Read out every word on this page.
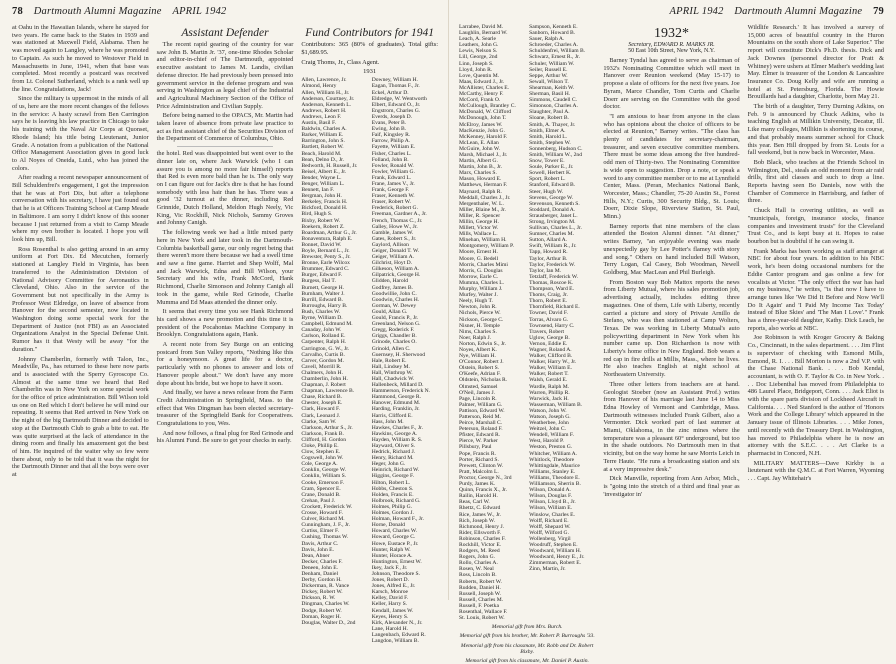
78 Dartmouth Alumni Magazine APRIL 1942

at Oahu in the Hawaiian Islands, where he stayed for two years. He came back to the States in 1939 and was stationed at Maxwell Field, Alabama. Then he was moved again to Langley, where he was promoted to Captain. As such he moved to Westover Field in Massachusetts in June, 1941, when that base was completed. Most recently a postcard was received from Lt. Colonel Sutherland, which is a rank well up the line. Congratulations, Jack!

Since the military is uppermost in the minds of all of us, here are the more recent changes of the fellows in the service: A hasty scrawl from Ben Carrington says he is leaving his law practice in Chicago to take his training with the Naval Air Corps at Quonset, Rhode Island; his title being Lieutenant, Junior Grade. A notation from a publication of the National Office Management Association gives in good luck to Al Noyes of Oneida, Lutd., who has joined the colors.

After reading a recent newspaper announcement of Bill Schuldenfrei's engagement, I got the impression that he was at Fort Dix, but after a telephone conversation with his secretary, I have just found out that he is at Officers Training School at Camp Meade in Baltimore. I am sorry I didn't know of this sooner because I just returned from a visit to Camp Meade where my own brother is located. I hope you will look him up, Bill.

Ross Rosenthal is also getting around in an army uniform at Fort Dix. Ed Mecutchen, formerly stationed at Langley Field in Virginia, has been transferred to the Administration Division of National Advisory Committee for Aeronautics in Cleveland, Ohio. Also in the service of the Government but not specifically in the Army is Professor West Eldredge, on leave of absence from Hanover for the second semester, now located in Washington doing some special work for the Department of Justice (not FBI) as an Associated Organizations Analyst in the Special Defense Unit. Rumor has it that Westy will be away "for the duration."

Johnny Chamberlin, formerly with Talon, Inc., Meadville, Pa., has returned to these here now parts and is associated with the Sperry Gyroscope Co. Almost at the same time we heard that Red Chamberlin was in New York on some special work for the office of price administration. Bill Wilson told us one on Red which I don't believe he will mind our repeating. It seems that Red arrived in New York on the night of the big Dartmouth Dinner and decided to stop at the Dartmouth Club to grab a bite to eat. He was quite surprised at the lack of attendance in the dining room and finally his amazement got the best of him. He inquired of the waiter why so few were there about, only to be told that it was the night for the Dartmouth Dinner and that all the boys were over at

Assistant Defender

The recent rapid gearing of the country for war saw John B. Martin Jr. '37, one-time Rhodes Scholar and editor-in-chief of The Dartmouth, appointed executive assistant to James M. Landis, civilian defense director. He had previously been pressed into government service in the defense program and was serving in Washington as legal chief of the Industrial and Agricultural Machinery Section of the Office of Price Administration and Civilian Supply.

Before being named to the OPACS, Mr. Martin had taken leave of absence from private law practice to act as first assistant chief of the Securities Division of the Department of Commerce of Columbus, Ohio.

the hotel. Red was disappointed but went over to the dinner late on, where Jack Warwick (who I can assure you is among no more fair himself) reports that Red is even more bald than he is. The only way on I can figure out for Jack's dire is that he has found somebody with less hair than he has. There was a good '32 turnout at the dinner, including Red Grinnide, Dutch Holland, Meldon Hugh Neely, Vic King, Vic Rockhill, Nick Nichols, Sammy Groves and Johnny Canigh.

The following week we had a little mixed party here in New York and later took in the Dartmouth-Columbia basketball game, our only regret being that there weren't more there because we had a swell time and saw a fine game. Harriet and Shep Wolff, Mal and Jack Warwick, Edna and Bill Wilson, your Secretary and his wife, Frank McCord, Hank Richmond, Charlie Simonson and Johnny Canigh all took in the game, while Red Grinode, Charlie Mumma and Ed Maas attended the dinner only.

It seems that every time you see Hank Richmond his card shows a new promotion and this time it is president of the Pocahontas Machine Company in Brooklyn. Congratulations again, Hank.

A recent note from Sey Burge on an enticing postcard from Sun Valley reports, "Nothing like this for a honeymoon. A great life for a doctor, particularly with no phones to answer and lots of Hanover people about." We don't have any more dope about his bride, but we hope to have it soon.

And finally, we have a news release from the Farm Credit Administration in Springfield, Mass. to the effect that Wes Dingman has been elected secretary-treasurer of the Springfield Bank for Cooperatives. Congratulations to you, Wes.

And now follows, a final plug for Red Grinode and his Alumni Fund. Be sure to get your checks in early.

Fund Contributors for 1941

Contributors: 365 (80% of graduates). Total gifts: $1,689.95.

Craig Thoms, Jr., Class Agent.

1931
Allen, Lawrence, Jr.
Almond, Henry
Allen, William H., Jr.
Anderson, Courtney, Jr.
Anderson, Kenneth L.
Andrews, Robert H.
Andrews, Leon F.
Austin, Basil F.
Baldwin, Charles A.
Barker, William E.
Barrington, John S.
Bartlett, Robert W.
Beach, Harold M.
Bean, Delno D., Jr.
Bedworth, H. Russell, Jr.
Beisel, Albert E., Jr.
Bender, Wayne L.
Benger, William L.
Bennett, Ian F.
Bergman, John H.
Berkeley, Francis H.
Bickford, Donald H.
Bird, Hugh S.
Bixby, Robert W.
Boekern, Robert Z.
Boardman, Arthur G., Jr.
Bonaventura, Ralph E.
Bonnet, David W.
Boyle, Bernard L., Jr.
Brewster, Penty S., Jr.
Bronne, Earle Wilcox
Brummer, Edward C.
Burger, Edward F.
Burgess, Hal T.
Burnett, George H.
Burnham, Walter J.
Burrill, Edward B.
Burroughs, Harry B.
Bush, Charles W.
Byrne, William D.
Campbell, Edmund M.
Canaday, John W.
Carlson, Rolland E.
Carpenter, Ralph H.
Carrington, G. W., Jr.
Carvalho, Curtis B.
Carver, Gordon M.
Cavell, Morrill R.
Chalmers, John H.
Chamberlin, John H.
Chapman, J. Robert
Chapman, Lawrence B.
Chase, Richard B.
Chester, Joseph E.
Clark, Howard F.
Clark, Leonard J.
Clarke, Sam W.
Clarkson, Arthur S., Jr.
Clarkson, Frank B.
Clifford, H. Gordon
Cloke, Phillip E.
Clow, Stephen E.
Cogswell, John W.
Cole, George A.
Conklin, George W.
Conklin, William S.
Cooke, Emerson F.
Cram, Spencer E.
Crane, Donald B.
Crehan, Paul J.
Crockett, Frederick W.
Crosse, Howard F.
Culver, Richard M.
Cunningham, J. F., Jr.
Curtiss, Elmer F.
Cushing, Thomas W.
Davis, Arthur C.
Davis, John E.
Dean, Abner
Decker, Charles F.
Deneen, John E.
Denham, Daniel
Derby, Gordon H.
Dickerman, R. Vance
Dickey, Robert W.
Dickson, R. W.
Dingman, Charles W.
Dodge, Robert W.
Doman, Roger H.
Douglas, Walter D., 2nd
Downey, William H.
Eagan, Thomas F., Jr.
Eckel, Arthur D.
Eldredge, W. Wentworth
Elbert, Edward O., Jr.
Engstrom, Charles G.
Everds, Joseph D.
Evans, Peter B.
Ewing, John B.
Faif, Kingsley R.
Farrow, Philip A.
Fayette, William E.
Fisher, Charles L.
Folland, John B.
Fowler, Ronald W.
Fowler, William G.
Frank, Edward L.
Frane, James V., Jr.
Frank, George F.
Fraser, Kenneth W.
Fraser, Robert W.
Frederick, Robert G.
Freeman, Gardner A., Jr.
French, Thomas C., Jr.
Galley, Howe W., Jr.
Gamble, James W.
Gates, Robert S., Jr.
Gaylord, Allison
Geiger, Donald T. W.
Geiger, William A.
Gilchrist, Hoyt D.
Gilkeson, William A.
Gilpatrick, George H.
Glidden, Harold
Godfrey, James B.
Goodwillie, John C.
Goodwin, Charles H.
Gorman, W. Dewey
Gould, Allan G.
Gould, Francis P., Jr.
Greenland, Nelson G.
Gregg, Roderick F.
Griggs, Chandler B.
Grinode, Charles O.
Grinold, Allen C.
Guernsey, H. Sherwood
Hale, Robert E.
Hall, Lindsey M.
Hall, Winthrop W.
Hall, Chadwick W.
Hallenbeck, Millard D.
Hammerson, Frederick N.
Hammond, George R.
Hanover, Edmund M.
Harding, Franklin, Jr.
Harris, Clifford E.
Hass, John M.
Hawkes, Charles F., Jr.
Hawkins, George A.
Hayden, William R. S.
Hayward, Oliver S.
Hedrick, Richard J.
Henry, Richard M.
Heger, John G.
Heinrich, Richard W.
Higgins, George F.
Hilton, Robert L.
Hobbs, Cheston S.
Holden, Francis E.
Holbrook, Richard G.
Holmes, Philip G.
Holmes, Gordon J.
Holman, Howard F., Jr.
Horne, Donald
Howard, Charles W.
Howard, George C.
Howe, Eustace P., Jr.
Hunter, Ralph W.
Hunter, Horace A.
Huntington, Ernest W.
Ikey, Jack F., Jr.
Johnson, Theodore S.
Jones, Robert D.
Jones, Alfred E., Jr.
Karsch, Monroe
Kelley, David F.
Keller, Harry S.
Kendall, James W.
Keyes, Henry S.
Kirk, Alexander N., Jr.
Lane, Harold H.
Langenbach, Edward R.
Langdon, William B.
APRIL 1942 Dartmouth Alumni Magazine 79
Larrabee, David M.
Laughlin, Bernard W.
Leach, A. Searle
Leathers, John G.
Lewis, Nelson S.
Lill, George, 2nd
Linn, Joseph S.
Lloyd, John R.
Love, Quentin M.
Maas, Edward J., Jr.
McAllister, Charles E.
McCarthy, Henry F.
McCord, Frank O.
McCullough, Brantley C.
McDonald, W. Clifford
McDonough, John T.
McElroy, James W.
MacKenzie, John G.
McKenney, Harold F.
McLean, E. Allan
McGuire, John W.
Marsh, Michael J., Jr.
Martin, Albert G.
Martin, John B., Jr.
Marx, Charles S.
Mason, Howard E.
Matthews, Herman F.
Maynard, Ralph R.
Meddall, Charles J., Jr.
Mergenthaler, W. L.
Miller, Blaine M., Jr.
Miller, R. Spencer
Millin, George H.
Millett, Victor W.
Mills, Wallace L.
Minehan, William H.
Montgomery, William P.
Moore, Ernest H.
Moore, G. Bedell
Morris, Charles Mimi
Morris, G. Douglas
Morrow, Earle C.
Mumma, Charles L.
Murphy, William J.
Murfey, Walter J.
Neely, Hugh T.
Newton, John R.
Nichols, Pierce W.
Nickson, George C.
Nisner, H. Temple
Nims, Charles S.
Noer, Ralph J.
Norton, Edwin S., Jr.
Noyes, Albert K.
Nye, William H.
O'Connor, Robert J.
Olstein, Robert S.
O'Keefe, Adrian F.
Oldstein, Nicholas R.
Olmsted, Samuel
O'Neil, James J.
Page, Lincoln R.
Palmer, William G.
Pattison, Edward W.
Patterson, Reid M.
Peirce, Marshall C.
Peterson, Roland F.
Pfister, Edward R.
Pierce, W. Parker
Pillsbury, Paul
Pope, Francis R.
Porter, Richard S.
Prewett, Clinton W.
Pratt, Malcolm L.
Proctor, George N., 3rd
Purdy, James K.
Quinn, Francis X., Jr.
Railin, Harold H.
Reas, Carl W.
Rhettz, C. Edward
Rice, James W., Jr.
Rich, Joseph W.
Richmond, Henry J.
Rider, Ellsworth F.
Robinson, Charles F.
Rockhill, Victor E.
Rodgers, M. Reed
Rogers, John G.
Rollo, Charles A.
Rosen, W. Neal
Ross, Lincoln B.
Roberts, Robert W.
Rudden, Daniel H.
Russell, Joseph W.
Russell, Charles M.
Russell, F. Poetka
Rosenthal, Wallace F.
St. Louis, Robert W.
Sampson, Kenneth E.
Sanborn, Howard B.
Sauer, Ralph A.
Schroeder, Charles A.
Schuldenfrei, William B.
Schwarz, Ernest R., Jr.
Schuler, William W.
Seiler, Russell E.
Seppe, Arthur W.
Sewall, Wilson T.
Shearman, Keith W.
Sherman, Basil H.
Simmons, Caudell C.
Simonson, Charles A.
Slaughter, Paul A.
Sloane, Robert B.
Smith, A. Thayer, Jr.
Smith, Elmer A.
Smith, Harold L.
Smith, Stephen W.
Sonnenberg, Hudson C.
Smith, William W., 2nd
Snow, Tower E.
Soule, Parker E., Jr.
Sowell, Herbert K.
Sport, Robert L.
Stanford, Edward B.
Steer, Hugh W.
Stevens, George W.
Stevenson, Kenneth S.
Stoddard, Donald A.
Strausberger, Janet L.
Strong, Irvington M.
Sullivan, Charles L., Jr.
Sumner, Charles M.
Sutton, Allard A.
Swift, William R., Jr.
Tapp, Howard R.
Taylor, Arthur B.
Taylor, Frederick W.
Taylor, Ian M.
Tetzlaff, Frederick W.
Thomas, Roscoe K.
Thompson, Ward E.
Thoms, Craig, Jr.
Thorn, Robert E.
Thornfield, Richard E.
Towner, David F.
Torras, Alvaro G.
Townsend, Harry C.
Travers, Robert
Uglow, George B.
Vernon, Eddie E.
Wagner, Roland A.
Walker, Clifford B.
Walker, Harry W., Jr.
Walker, William E.
Walker, Robert T.
Walsh, Gerald E.
Wardle, Ralph M.
Warren, Phillip R.
Warwick, Jack H.
Wasserman, William B.
Watson, John W.
Watson, Joseph G.
Weatherbee, John
Weitzel, John C.
Wendell, William F.
West, Harold P.
Weston, Preston G.
Whitcher, William A.
Whitlock, Theodore
Whittingdale, Maurice
Williams, Stanley E.
Williams, Theodore E.
Williamson, Sherrin B.
Wilson, Donald A.
Wilson, Douglas F.
Wilson, Lloyd B., Jr.
Wilson, William E.
Winslow, Charles E.
Wolff, Richard E.
Wolff, Shepard W.
Wolff, Wilford G.
Wollenberg, Virgil
Woodruff, Stephen E.
Woodward, William H.
Woodward, Henry E., Jr.
Zimmerman, Robert E.
Zinn, Martin, Jr.

Memorial gift from Mrs. Burch.

Memorial gift from his brother, Mr. Robert P. Burroughs '33.

Memorial gift from his classmate, Mr. Robb and Dr. Robert Bixby.

Memorial gift from his classmate, Mr. Daniel P. Austin.

1932*

Secretary, EDWARD R. MARKS JR.

50 East 10th Street, New York, N.Y.

Barney Tyndal has agreed to serve as chairman of 1932's Nominating Committee which will meet in Hanover over Reunion weekend (May 15-17) to propose a slate of officers for the next five years. Joe Byram, Marce Chandler, Tom Curtis and Charlie Doerr are serving on the Committee with the good doctor.

"I am anxious to hear from anyone in the class who has opinions about the choice of officers to be elected at Reunion," Barney writes. "The class has plenty of candidates for secretary-chairman, treasurer, and seven executive committee members. There must be some ideas among the five hundred-odd men of Thirty-two. The Nominating Committee is wide open to suggestion. Drop a note, or speak a word to any committee member or to me at Lynnfield Center, Mass. (Peran, Mechanics National Bank, Worcester, Mass.; Chandler, 75-20 Austin St., Forest Hills, N.Y.; Curtis, 300 Security Bldg., St. Louis; Doerr, Dixie Slope, Riverview Station, St. Paul, Minn.)

Barney reports that nine members of the class attended the Boston Alumni dinner. "At dinner," writes Barney, "an enjoyable evening was made unexpectedly gay by Lee Potter's flamey with story and song." Others on hand included Bill Watson, Terry Logan, Cal Casey, Bob Woodman, Newell Goldberg, Mac MacLean and Phil Burleigh.

From Boston way Bob Mattox reports the news from Liberty Mutual, where his sales promotion job, advertising actually, includes editing three magazines. One of them, Life with Liberty, recently carried a picture and story of Private Arnillo de Stefano, who was then stationed at Camp Wolters, Texas. De was working in Liberty Mutual's auto policywriting department in New York when his number came up. Don Richardson is now with Liberty's home office in New England. Bob wears a red cap in fire drills at Millis, Mass., where he lives. He also teaches English at night school at Northeastern University.

Three other letters from teachers are at hand. Geologist Stoeber (now an Assistant Prof.) writes from Hanover of his marriage last June 14 to Miss Edna Howley of Vermont and Cambridge, Mass. Dartmouth witnesses included Frank Gilbert, also a Vermonter. Dick worked part of last summer at Miami, Oklahoma, in the zinc mines where the temperature was a pleasant 60° underground, but too in the shade outdoors. No Dartmouth men in that vicinity, but on the way home he saw Morris Leich in Terre Haute. "He runs a broadcasting station and six at a very impressive desk."

Dick Manville, reporting from Ann Arbor, Mich., is "going into the stretch of a third and final year as 'investigator in'

Wildlife Research.' It has involved a survey of 15,000 acres of beautiful country in the Huron Mountains on the south shore of Lake Superior." The report will constitute Dick's Ph.D. thesis. Dick and Jack Downes (personnel director for Pratt & Whitney) were ushers at Elmer Mather's wedding last May. Elmer is treasurer of the London & Lancashire Insurance Co. Doug Kelly and wife are running a hotel at St. Petersburg, Florida. The Howie Brouillards had a daughter, Charlotte, born May 21.

The birth of a daughter, Terry Durning Adkins, on Feb. 9 is announced by Chuck Adkins, who is teaching English at Millikin University, Decatur, Ill. Like many colleges, Millikin is shortening its course, and that probably means summer school for Chuck this year. Ben Hill dropped by from St. Louis for a fall weekend, but is now back in Worcester, Mass.

Bob Black, who teaches at the Friends School in Wilmington, Del., steals an odd moment from air raid drills, first aid classes and such to drop a line. Reports having seen Bo Daniels, now with the Chamber of Commerce in Harrisburg, and father of three.

Chuck Hall is covering utilities, as well as "municipals, foreign, insurance stocks, finance companies and investment trusts" for the Cleveland Trust Co., and is kept busy at it. Hopes to raise bourbon but is doubtful if he can swing it.

Frank Marks has been working as staff arranger at NBC for about four years. In addition to his NBC work, he's been doing occasional numbers for the Eddie Cantor program and gas online a few for vocalists at Victor. "The only effect the war has had on my business," he writes, "is that now I have to arrange tunes like 'We Did It Before and Now We'll Do It Again' and 'I Paid My Income Tax Today' instead of Blue Skies' and 'The Man I Love'." Frank has a three-year-old daughter, Kathy. Dick Leach, he reports, also works at NBC.

Joe Robinson is with Kroger Grocery & Baking Co., Cincinnati, in the sales department. . . . Jim Flint is supervisor of checking with Esmond Mills, Esmond, R. I. . . . Bill Morton is now a 2nd V.P. with the Chase National Bank. . . . Bob Kendal, accountant, is with O. F. Taylor & Co. in New York. . . . Doc Liebenthal has moved from Philadelphia to 486 Laurel Place, Bridgeport, Conn. . . . Jack Eliot is with the spare parts division of Lockheed Aircraft in California. . . . Ned Stanford is the author of 'Honors Work and the College Library' which appeared in the January issue of Illinois Libraries. . . . Mike Jones, until recently with the Treasury Dept. in Washington, has moved to Philadelphia where he is now an attorney with the S.E.C. . . . Art Clarke is a pharmacist in Concord, N.H.

MILITARY MATTERS—Dave Kirkby is a lieutenant with the Q.M.C. at Fort Warren, Wyoming . . . Capt. Jay Whitehair's
